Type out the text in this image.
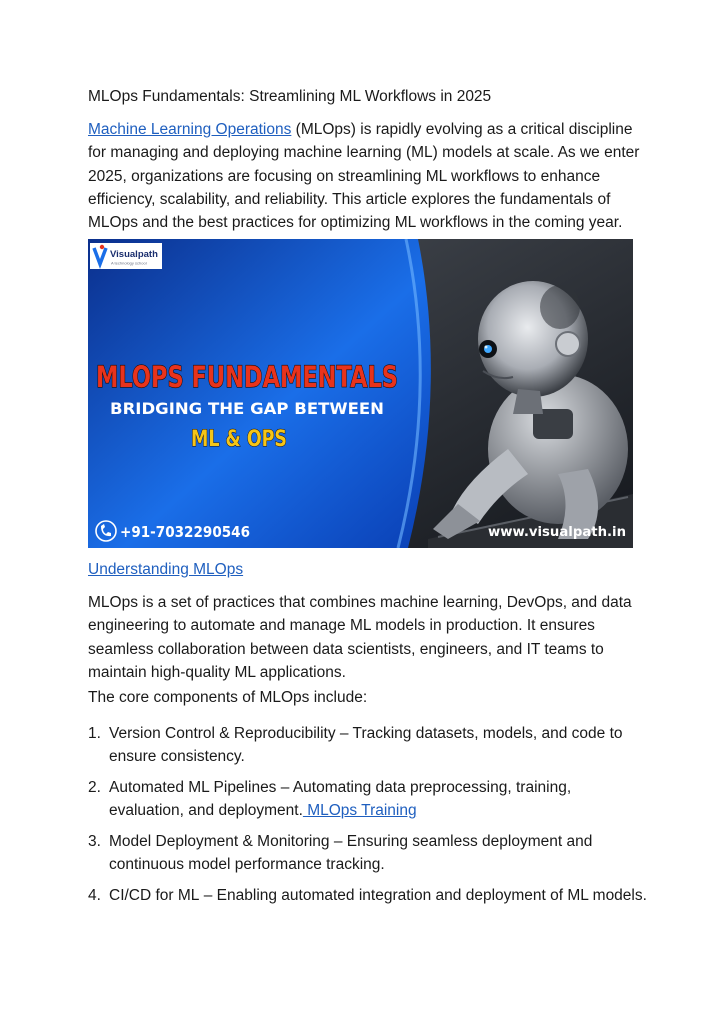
MLOps Fundamentals: Streamlining ML Workflows in 2025
Machine Learning Operations (MLOps) is rapidly evolving as a critical discipline for managing and deploying machine learning (ML) models at scale. As we enter 2025, organizations are focusing on streamlining ML workflows to enhance efficiency, scalability, and reliability. This article explores the fundamentals of MLOps and the best practices for optimizing ML workflows in the coming year.
Visualpath
A technology school
MLOPS FUNDAMENTALS
BRIDGING THE GAP BETWEEN
ML & OPS
+91-7032290546	www.visualpath.in
Understanding MLOps
MLOps is a set of practices that combines machine learning, DevOps, and data engineering to automate and manage ML models in production. It ensures seamless collaboration between data scientists, engineers, and IT teams to maintain high-quality ML applications.
The core components of MLOps include:
1. Version Control & Reproducibility – Tracking datasets, models, and code to ensure consistency.
2. Automated ML Pipelines – Automating data preprocessing, training, evaluation, and deployment. MLOps Training
3. Model Deployment & Monitoring – Ensuring seamless deployment and continuous model performance tracking.
4. CI/CD for ML – Enabling automated integration and deployment of ML models.
